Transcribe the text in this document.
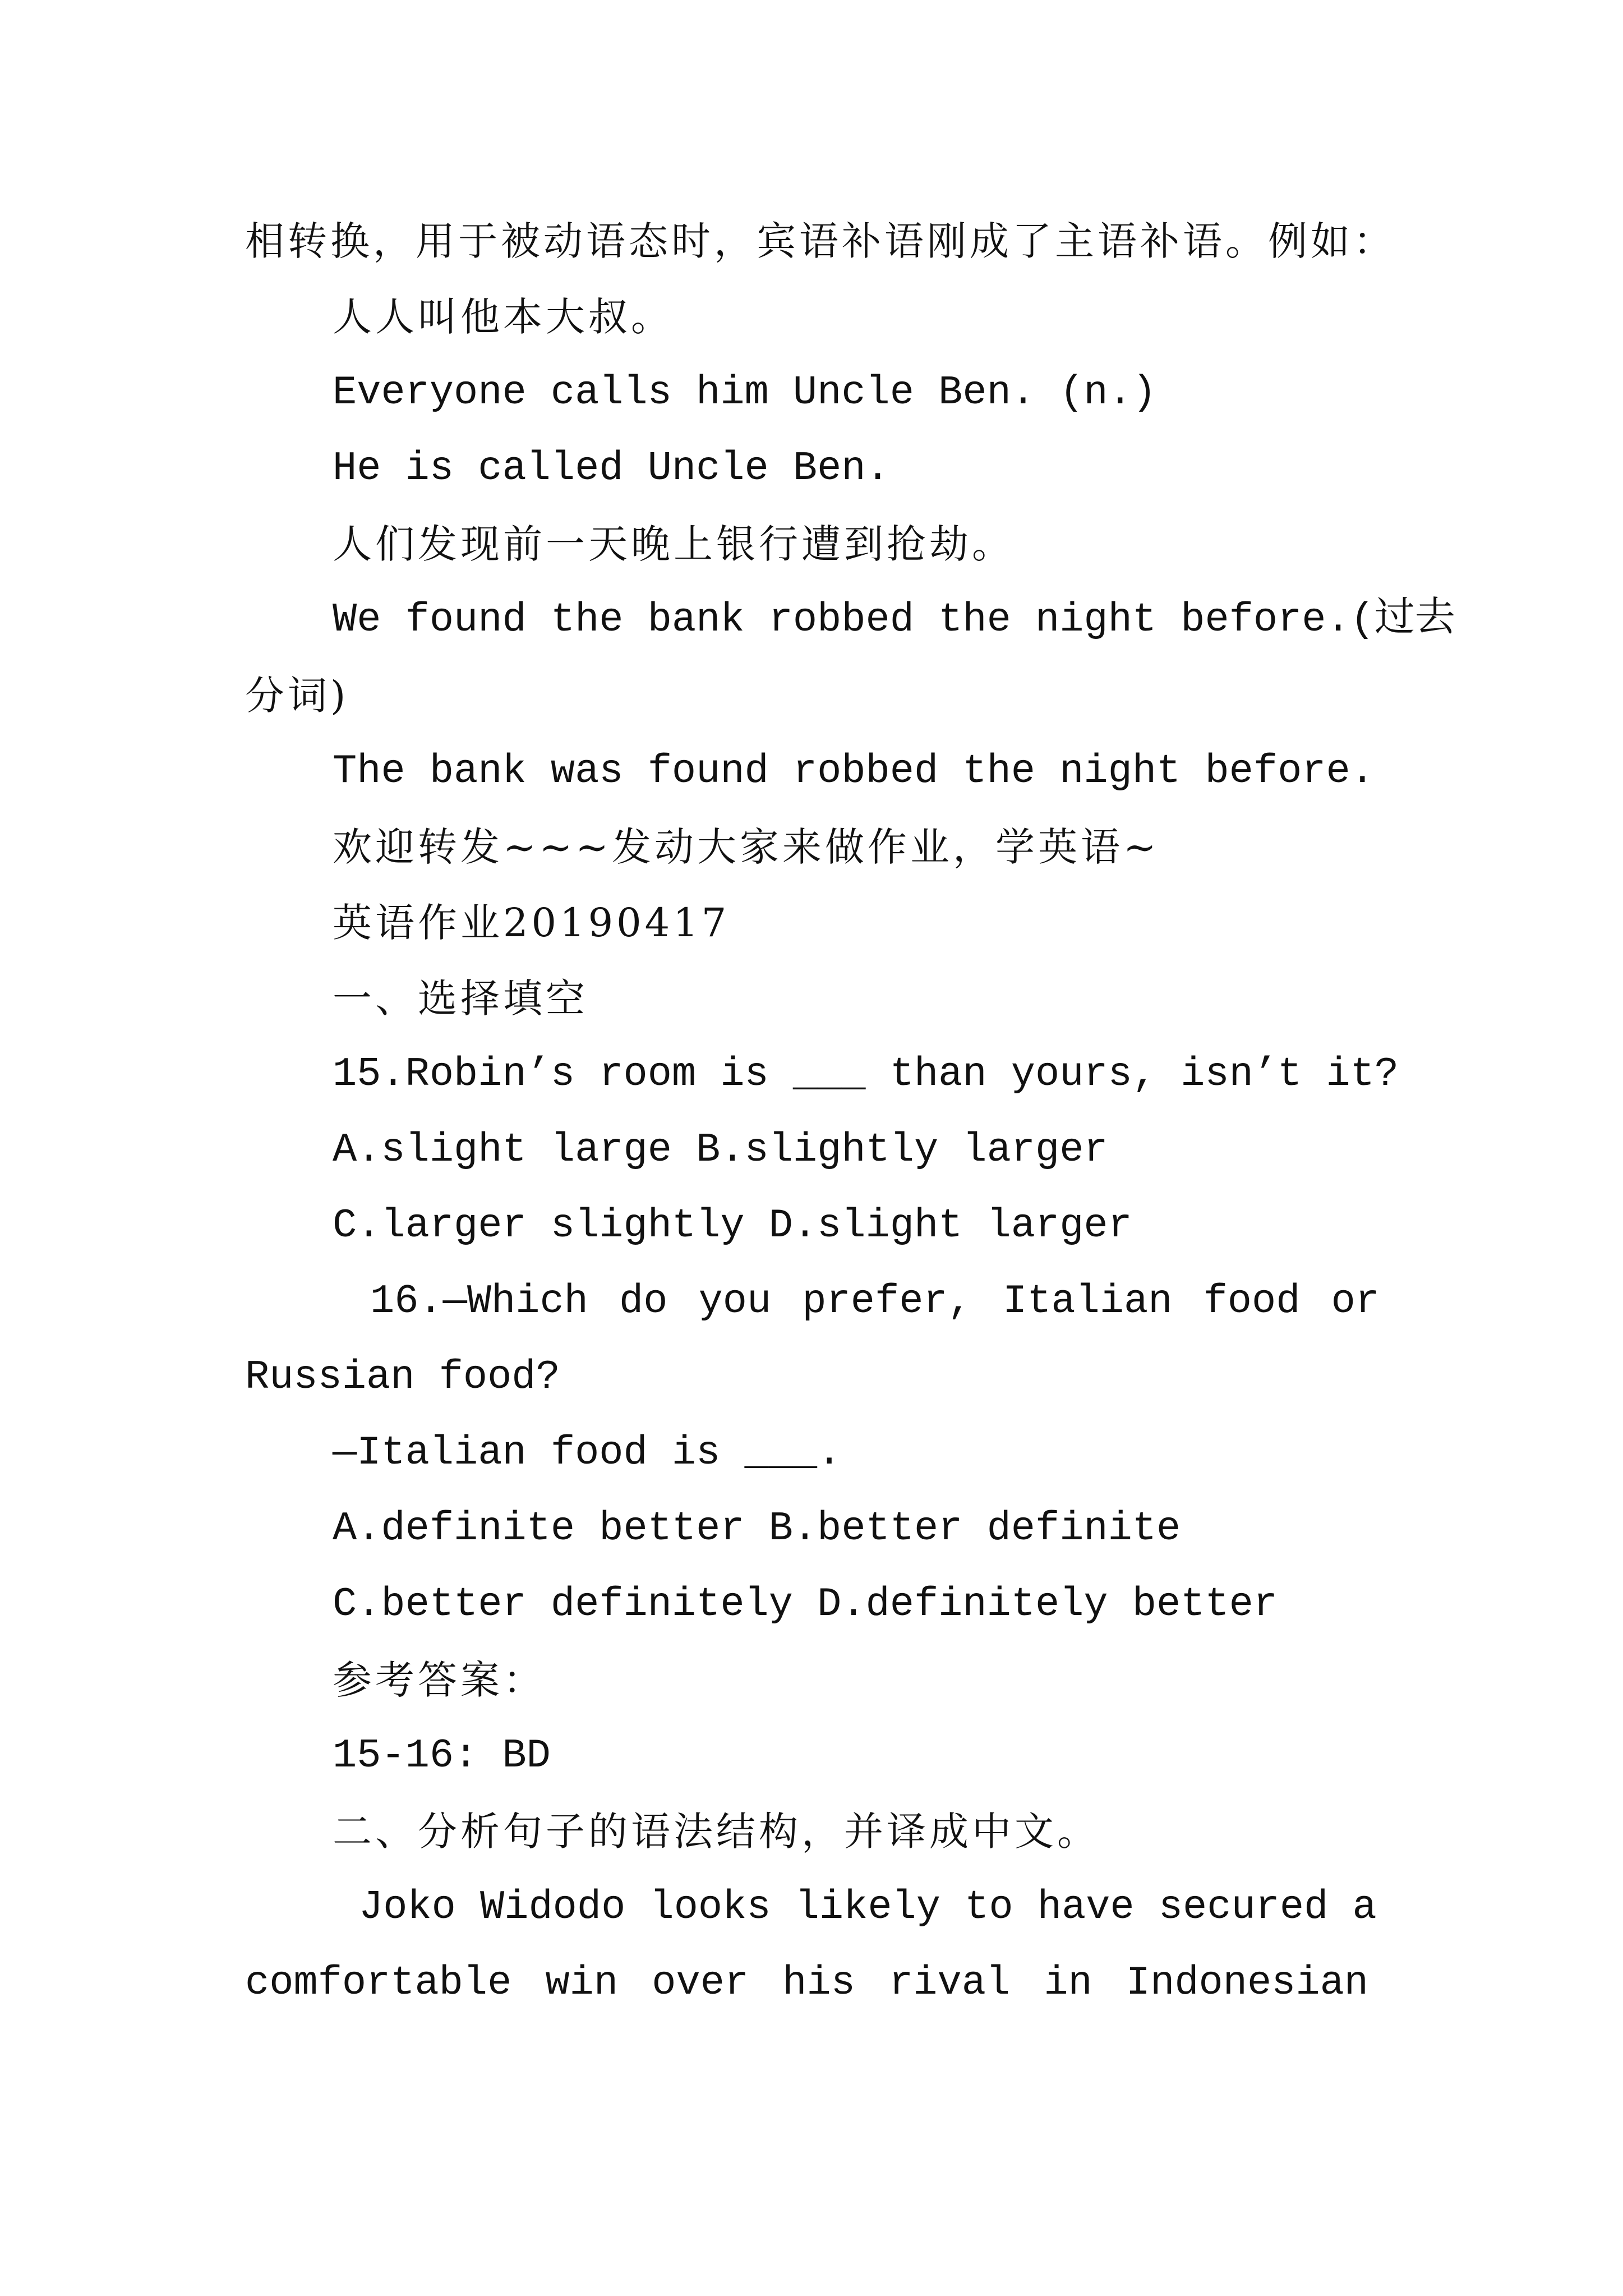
相转换，用于被动语态时，宾语补语刚成了主语补语。例如：
人人叫他本大叔。
Everyone calls him Uncle Ben. (n.)
He is called Uncle Ben.
人们发现前一天晚上银行遭到抢劫。
We found the bank robbed the night before.(过去
分词)
The bank was found robbed the night before.
欢迎转发~~~发动大家来做作业，学英语~
英语作业20190417
一、选择填空
15.Robin’s room is ___ than yours, isn’t it?
A.slight large B.slightly larger
C.larger slightly D.slight larger
16.—Which do you prefer, Italian food or
Russian food?
—Italian food is ___.
A.definite better B.better definite
C.better definitely D.definitely better
参考答案：
15-16: BD
二、分析句子的语法结构，并译成中文。
Joko Widodo looks likely to have secured a
comfortable win over his rival in Indonesian
